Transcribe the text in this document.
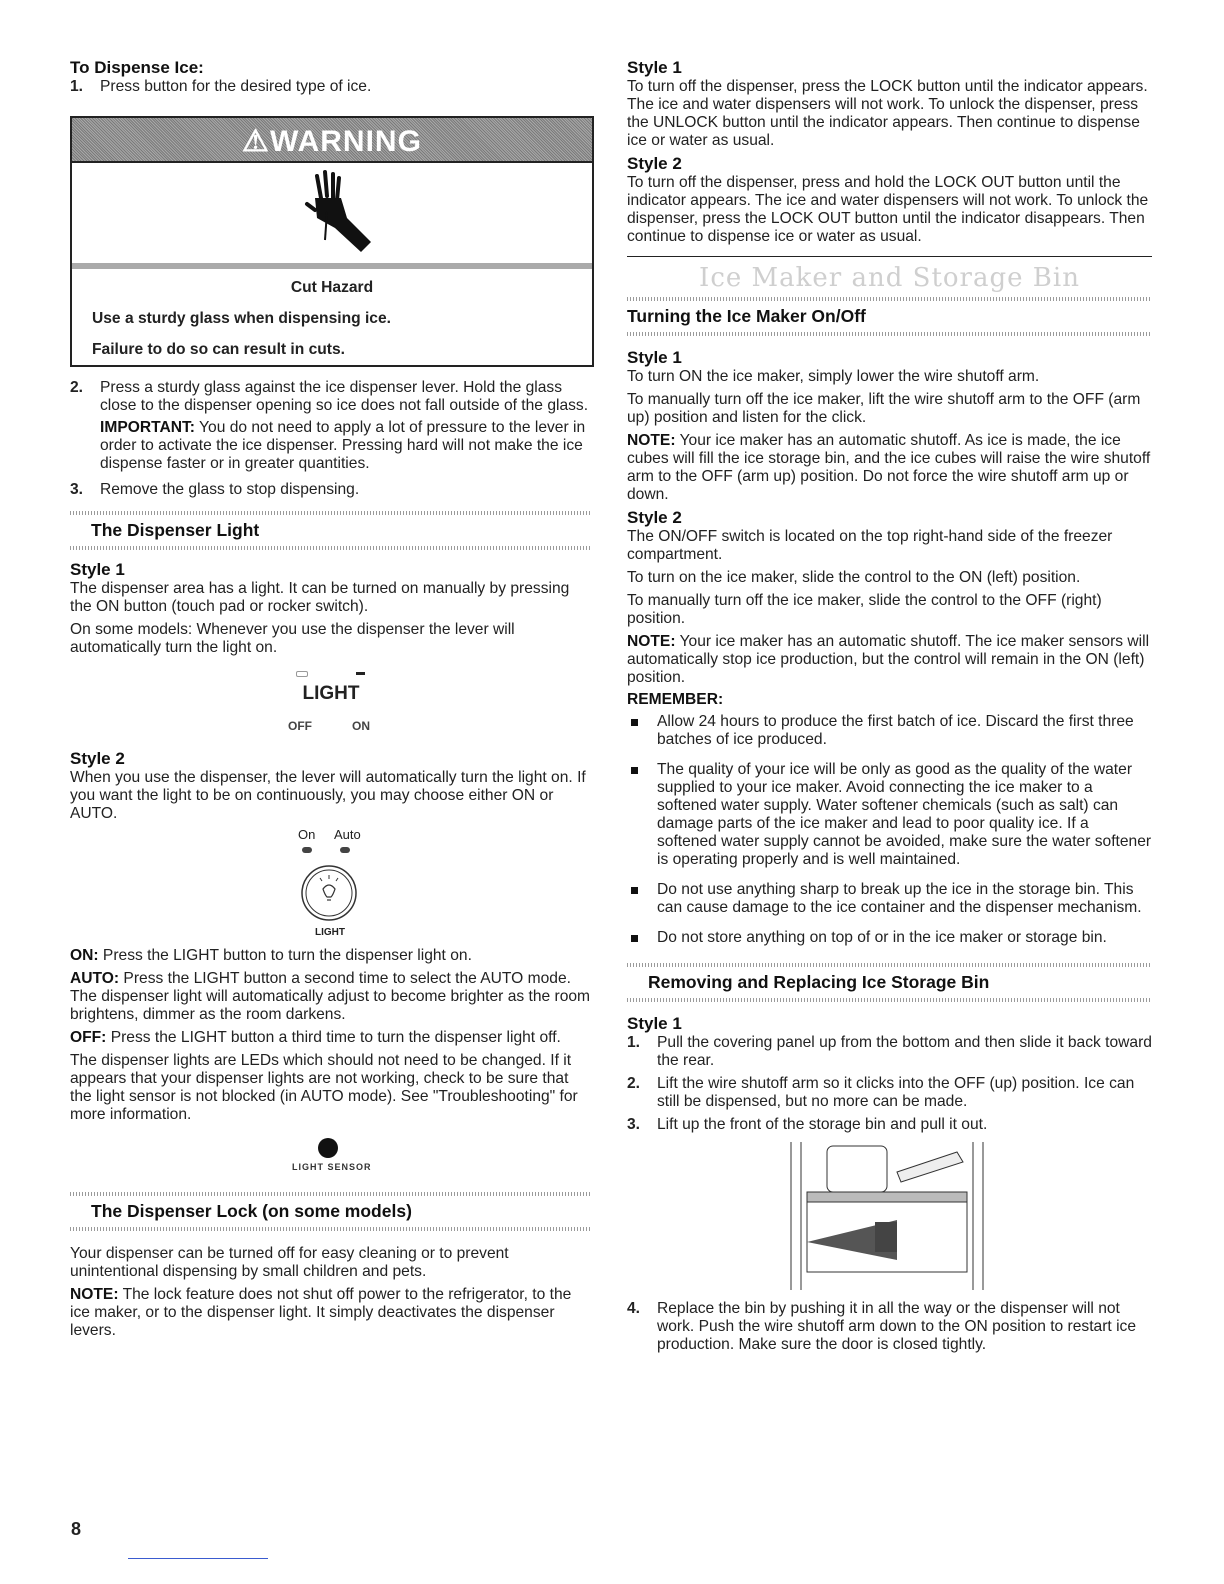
To Dispense Ice:

1.	Press button for the desired type of ice.
⚠WARNING

Cut Hazard

Use a sturdy glass when dispensing ice.

Failure to do so can result in cuts.

2.	Press a sturdy glass against the ice dispenser lever. Hold the glass close to the dispenser opening so ice does not fall outside of the glass.
IMPORTANT: You do not need to apply a lot of pressure to the lever in order to activate the ice dispenser. Pressing hard will not make the ice dispense faster or in greater quantities.
3.	Remove the glass to stop dispensing.

The Dispenser Light

Style 1

The dispenser area has a light. It can be turned on manually by pressing the ON button (touch pad or rocker switch).

On some models: Whenever you use the dispenser the lever will automatically turn the light on.

LIGHT
OFF	ON

Style 2

When you use the dispenser, the lever will automatically turn the light on. If you want the light to be on continuously, you may choose either ON or AUTO.

On Auto
LIGHT

ON: Press the LIGHT button to turn the dispenser light on.

AUTO: Press the LIGHT button a second time to select the AUTO mode. The dispenser light will automatically adjust to become brighter as the room brightens, dimmer as the room darkens.

OFF: Press the LIGHT button a third time to turn the dispenser light off.

The dispenser lights are LEDs which should not need to be changed. If it appears that your dispenser lights are not working, check to be sure that the light sensor is not blocked (in AUTO mode). See "Troubleshooting" for more information.

LIGHT SENSOR

The Dispenser Lock (on some models)

Your dispenser can be turned off for easy cleaning or to prevent unintentional dispensing by small children and pets.

NOTE: The lock feature does not shut off power to the refrigerator, to the ice maker, or to the dispenser light. It simply deactivates the dispenser levers.

Style 1

To turn off the dispenser, press the LOCK button until the indicator appears. The ice and water dispensers will not work. To unlock the dispenser, press the UNLOCK button until the indicator appears. Then continue to dispense ice or water as usual.

Style 2

To turn off the dispenser, press and hold the LOCK OUT button until the indicator appears. The ice and water dispensers will not work. To unlock the dispenser, press the LOCK OUT button until the indicator disappears. Then continue to dispense ice or water as usual.

Ice Maker and Storage Bin

Turning the Ice Maker On/Off

Style 1

To turn ON the ice maker, simply lower the wire shutoff arm.

To manually turn off the ice maker, lift the wire shutoff arm to the OFF (arm up) position and listen for the click.

NOTE: Your ice maker has an automatic shutoff. As ice is made, the ice cubes will fill the ice storage bin, and the ice cubes will raise the wire shutoff arm to the OFF (arm up) position. Do not force the wire shutoff arm up or down.

Style 2

The ON/OFF switch is located on the top right-hand side of the freezer compartment.

To turn on the ice maker, slide the control to the ON (left) position.

To manually turn off the ice maker, slide the control to the OFF (right) position.

NOTE: Your ice maker has an automatic shutoff. The ice maker sensors will automatically stop ice production, but the control will remain in the ON (left) position.

REMEMBER:

Allow 24 hours to produce the first batch of ice. Discard the first three batches of ice produced.
The quality of your ice will be only as good as the quality of the water supplied to your ice maker. Avoid connecting the ice maker to a softened water supply. Water softener chemicals (such as salt) can damage parts of the ice maker and lead to poor quality ice. If a softened water supply cannot be avoided, make sure the water softener is operating properly and is well maintained.
Do not use anything sharp to break up the ice in the storage bin. This can cause damage to the ice container and the dispenser mechanism.
Do not store anything on top of or in the ice maker or storage bin.

Removing and Replacing Ice Storage Bin

Style 1

1.	Pull the covering panel up from the bottom and then slide it back toward the rear.
2.	Lift the wire shutoff arm so it clicks into the OFF (up) position. Ice can still be dispensed, but no more can be made.
3.	Lift up the front of the storage bin and pull it out.
4.	Replace the bin by pushing it in all the way or the dispenser will not work. Push the wire shutoff arm down to the ON position to restart ice production. Make sure the door is closed tightly.
8
